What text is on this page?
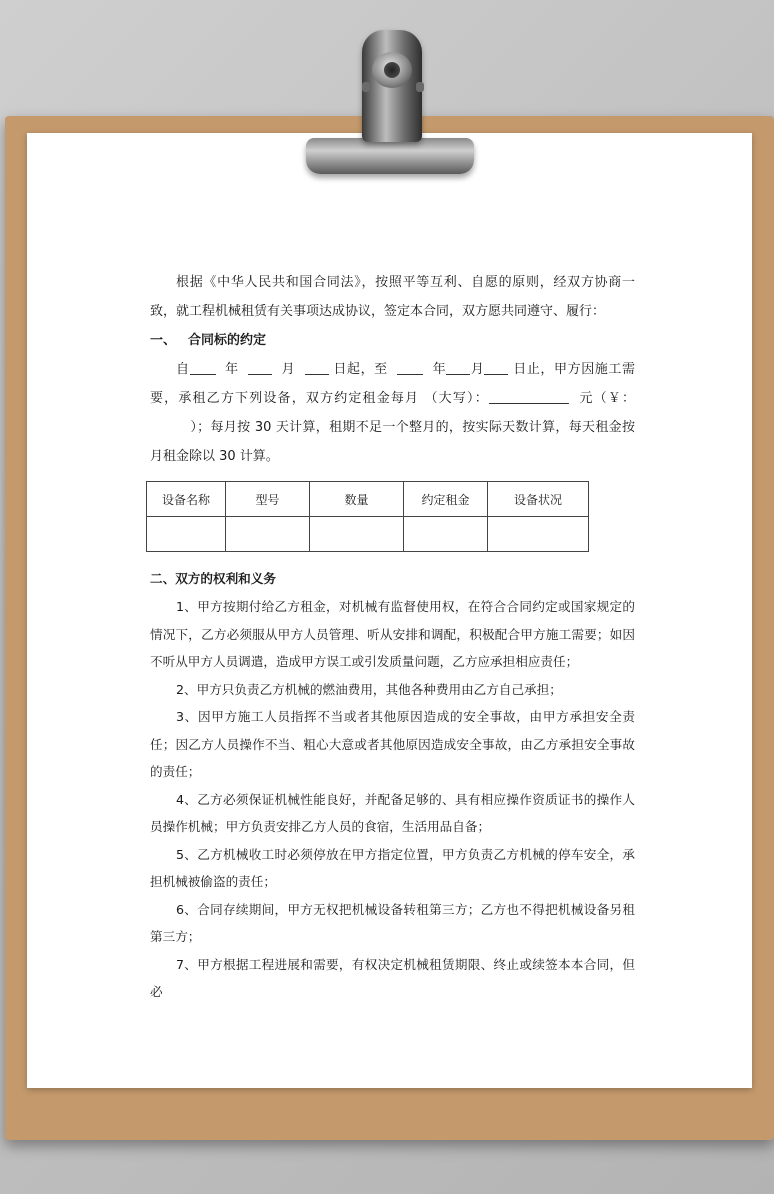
根据《中华人民共和国合同法》，按照平等互利、自愿的原则，经双方协商一致，就工程机械租赁有关事项达成协议，签定本合同，双方愿共同遵守、履行：

一、 合同标的约定

自	年	月	日起，至	年 月 日止，甲方因施工需要，承租乙方下列设备，双方约定租金每月 （大写）：	元（￥：）；每月按 30 天计算，租期不足一个整月的，按实际天数计算，每天租金按月租金除以 30 计算。

设备名称	型号	数量	约定租金	设备状况

二、双方的权利和义务

1、甲方按期付给乙方租金，对机械有监督使用权，在符合合同约定或国家规定的情况下，乙方必须服从甲方人员管理、听从安排和调配，积极配合甲方施工需要；如因不听从甲方人员调遣，造成甲方误工或引发质量问题，乙方应承担相应责任；

2、甲方只负责乙方机械的燃油费用，其他各种费用由乙方自己承担；

3、因甲方施工人员指挥不当或者其他原因造成的安全事故，由甲方承担安全责任；因乙方人员操作不当、粗心大意或者其他原因造成安全事故，由乙方承担安全事故的责任；

4、乙方必须保证机械性能良好，并配备足够的、具有相应操作资质证书的操作人员操作机械；甲方负责安排乙方人员的食宿，生活用品自备；

5、乙方机械收工时必须停放在甲方指定位置，甲方负责乙方机械的停车安全，承担机械被偷盗的责任；

6、合同存续期间，甲方无权把机械设备转租第三方；乙方也不得把机械设备另租第三方；

7、甲方根据工程进展和需要，有权决定机械租赁期限、终止或续签本本合同，但必
